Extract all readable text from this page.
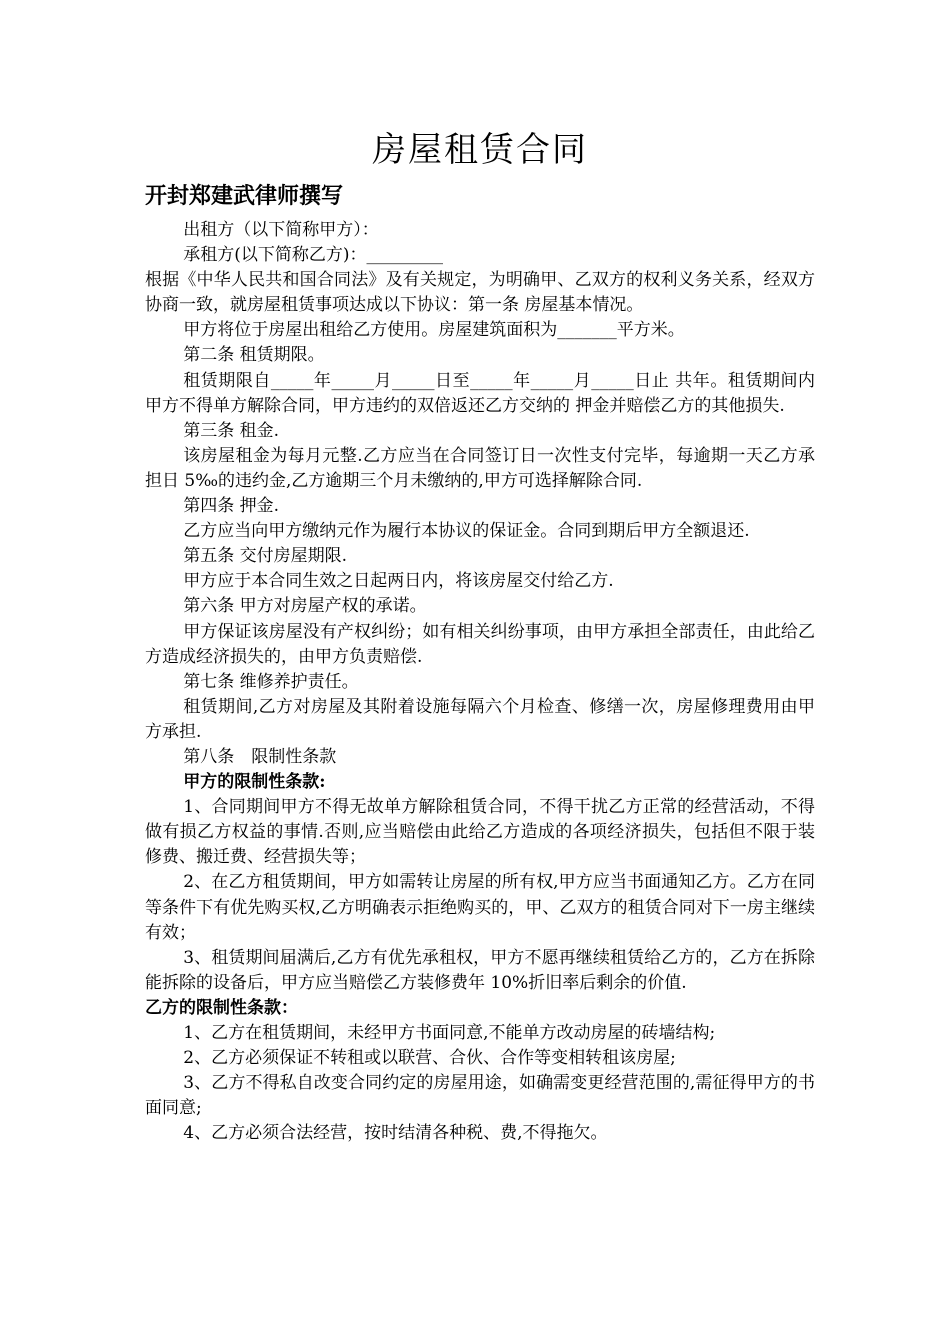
房屋租赁合同
开封郑建武律师撰写

出租方（以下简称甲方）：

承租方(以下简称乙方)：_________

根据《中华人民共和国合同法》及有关规定，为明确甲、乙双方的权利义务关系，经双方协商一致，就房屋租赁事项达成以下协议：第一条 房屋基本情况。

甲方将位于房屋出租给乙方使用。房屋建筑面积为_______平方米。

第二条 租赁期限。

租赁期限自_____年_____月_____日至_____年_____月_____日止 共年。租赁期间内甲方不得单方解除合同，甲方违约的双倍返还乙方交纳的 押金并赔偿乙方的其他损失.

第三条 租金.

该房屋租金为每月元整.乙方应当在合同签订日一次性支付完毕，每逾期一天乙方承担日 5‰的违约金,乙方逾期三个月未缴纳的,甲方可选择解除合同.

第四条 押金.

乙方应当向甲方缴纳元作为履行本协议的保证金。合同到期后甲方全额退还.

第五条 交付房屋期限.

甲方应于本合同生效之日起两日内，将该房屋交付给乙方.

第六条 甲方对房屋产权的承诺。

甲方保证该房屋没有产权纠纷；如有相关纠纷事项，由甲方承担全部责任，由此给乙方造成经济损失的，由甲方负责赔偿.

第七条 维修养护责任。

租赁期间,乙方对房屋及其附着设施每隔六个月检查、修缮一次，房屋修理费用由甲方承担.

第八条　限制性条款

甲方的限制性条款:

1、合同期间甲方不得无故单方解除租赁合同，不得干扰乙方正常的经营活动，不得做有损乙方权益的事情.否则,应当赔偿由此给乙方造成的各项经济损失，包括但不限于装修费、搬迁费、经营损失等；

2、在乙方租赁期间，甲方如需转让房屋的所有权,甲方应当书面通知乙方。乙方在同等条件下有优先购买权,乙方明确表示拒绝购买的，甲、乙双方的租赁合同对下一房主继续有效；

3、租赁期间届满后,乙方有优先承租权，甲方不愿再继续租赁给乙方的，乙方在拆除能拆除的设备后，甲方应当赔偿乙方装修费年 10%折旧率后剩余的价值.

乙方的限制性条款：

1、乙方在租赁期间，未经甲方书面同意,不能单方改动房屋的砖墙结构;

2、乙方必须保证不转租或以联营、合伙、合作等变相转租该房屋;

3、乙方不得私自改变合同约定的房屋用途，如确需变更经营范围的,需征得甲方的书面同意;

4、乙方必须合法经营，按时结清各种税、费,不得拖欠。
